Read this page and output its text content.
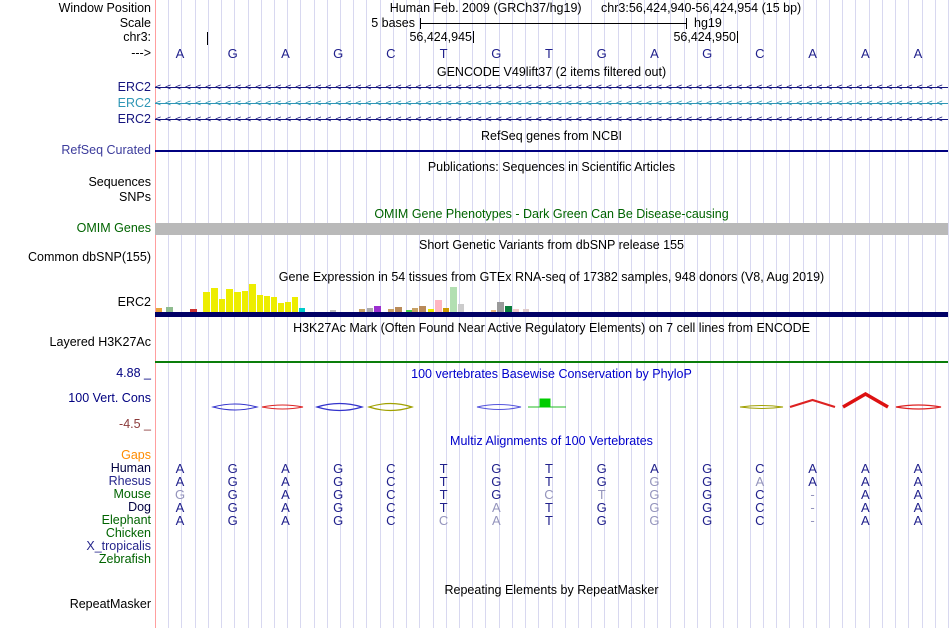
Window Position	Human Feb. 2009 (GRCh37/hg19) chr3:56,424,940-56,424,954 (15 bp)
Scale	5 bases	hg19
chr3:	56,424,945	56,424,950
---> A	G	A	G	C	T	G	T	G	A	G	C	A	A	A
GENCODE V49lift37 (2 items filtered out)
ERC2
ERC2
ERC2
<<<<<<<<<<<<<<<<<<<<<<<<<<<<<<<<<<<<<<<<<<<<<<<<<<<<<<<<<<<<<<<<<<<<<<<<<<<<<<<
<<<<<<<<<<<<<<<<<<<<<<<<<<<<<<<<<<<<<<<<<<<<<<<<<<<<<<<<<<<<<<<<<<<<<<<<<<<<<<<
<<<<<<<<<<<<<<<<<<<<<<<<<<<<<<<<<<<<<<<<<<<<<<<<<<<<<<<<<<<<<<<<<<<<<<<<<<<<<<<
RefSeq genes from NCBI
RefSeq Curated
Publications: Sequences in Scientific Articles
Sequences
SNPs
OMIM Gene Phenotypes - Dark Green Can Be Disease-causing
OMIM Genes
Short Genetic Variants from dbSNP release 155
Common dbSNP(155)
Gene Expression in 54 tissues from GTEx RNA-seq of 17382 samples, 948 donors (V8, Aug 2019)
ERC2
H3K27Ac Mark (Often Found Near Active Regulatory Elements) on 7 cell lines from ENCODE
Layered H3K27Ac
4.88 _	100 vertebrates Basewise Conservation by PhyloP
100 Vert. Cons
-4.5 _
Multiz Alignments of 100 Vertebrates
Gaps
Human A	G	A	G	C	T	G	T	G	A	G	C	A	A	A
Rhesus A	G	A	G	C	T	G	T	G	G	G	A	A	A	A
Mouse G	G	A	G	C	T	G	C	T	G	G	C	-	A	A
Dog A	G	A	G	C	T	A	T	G	G	G	C	-	A	A
Elephant A	G	A	G	C	C	A	T	G	G	G	C	-	A	A
Chicken
X_tropicalis
Zebrafish
Repeating Elements by RepeatMasker
RepeatMasker
